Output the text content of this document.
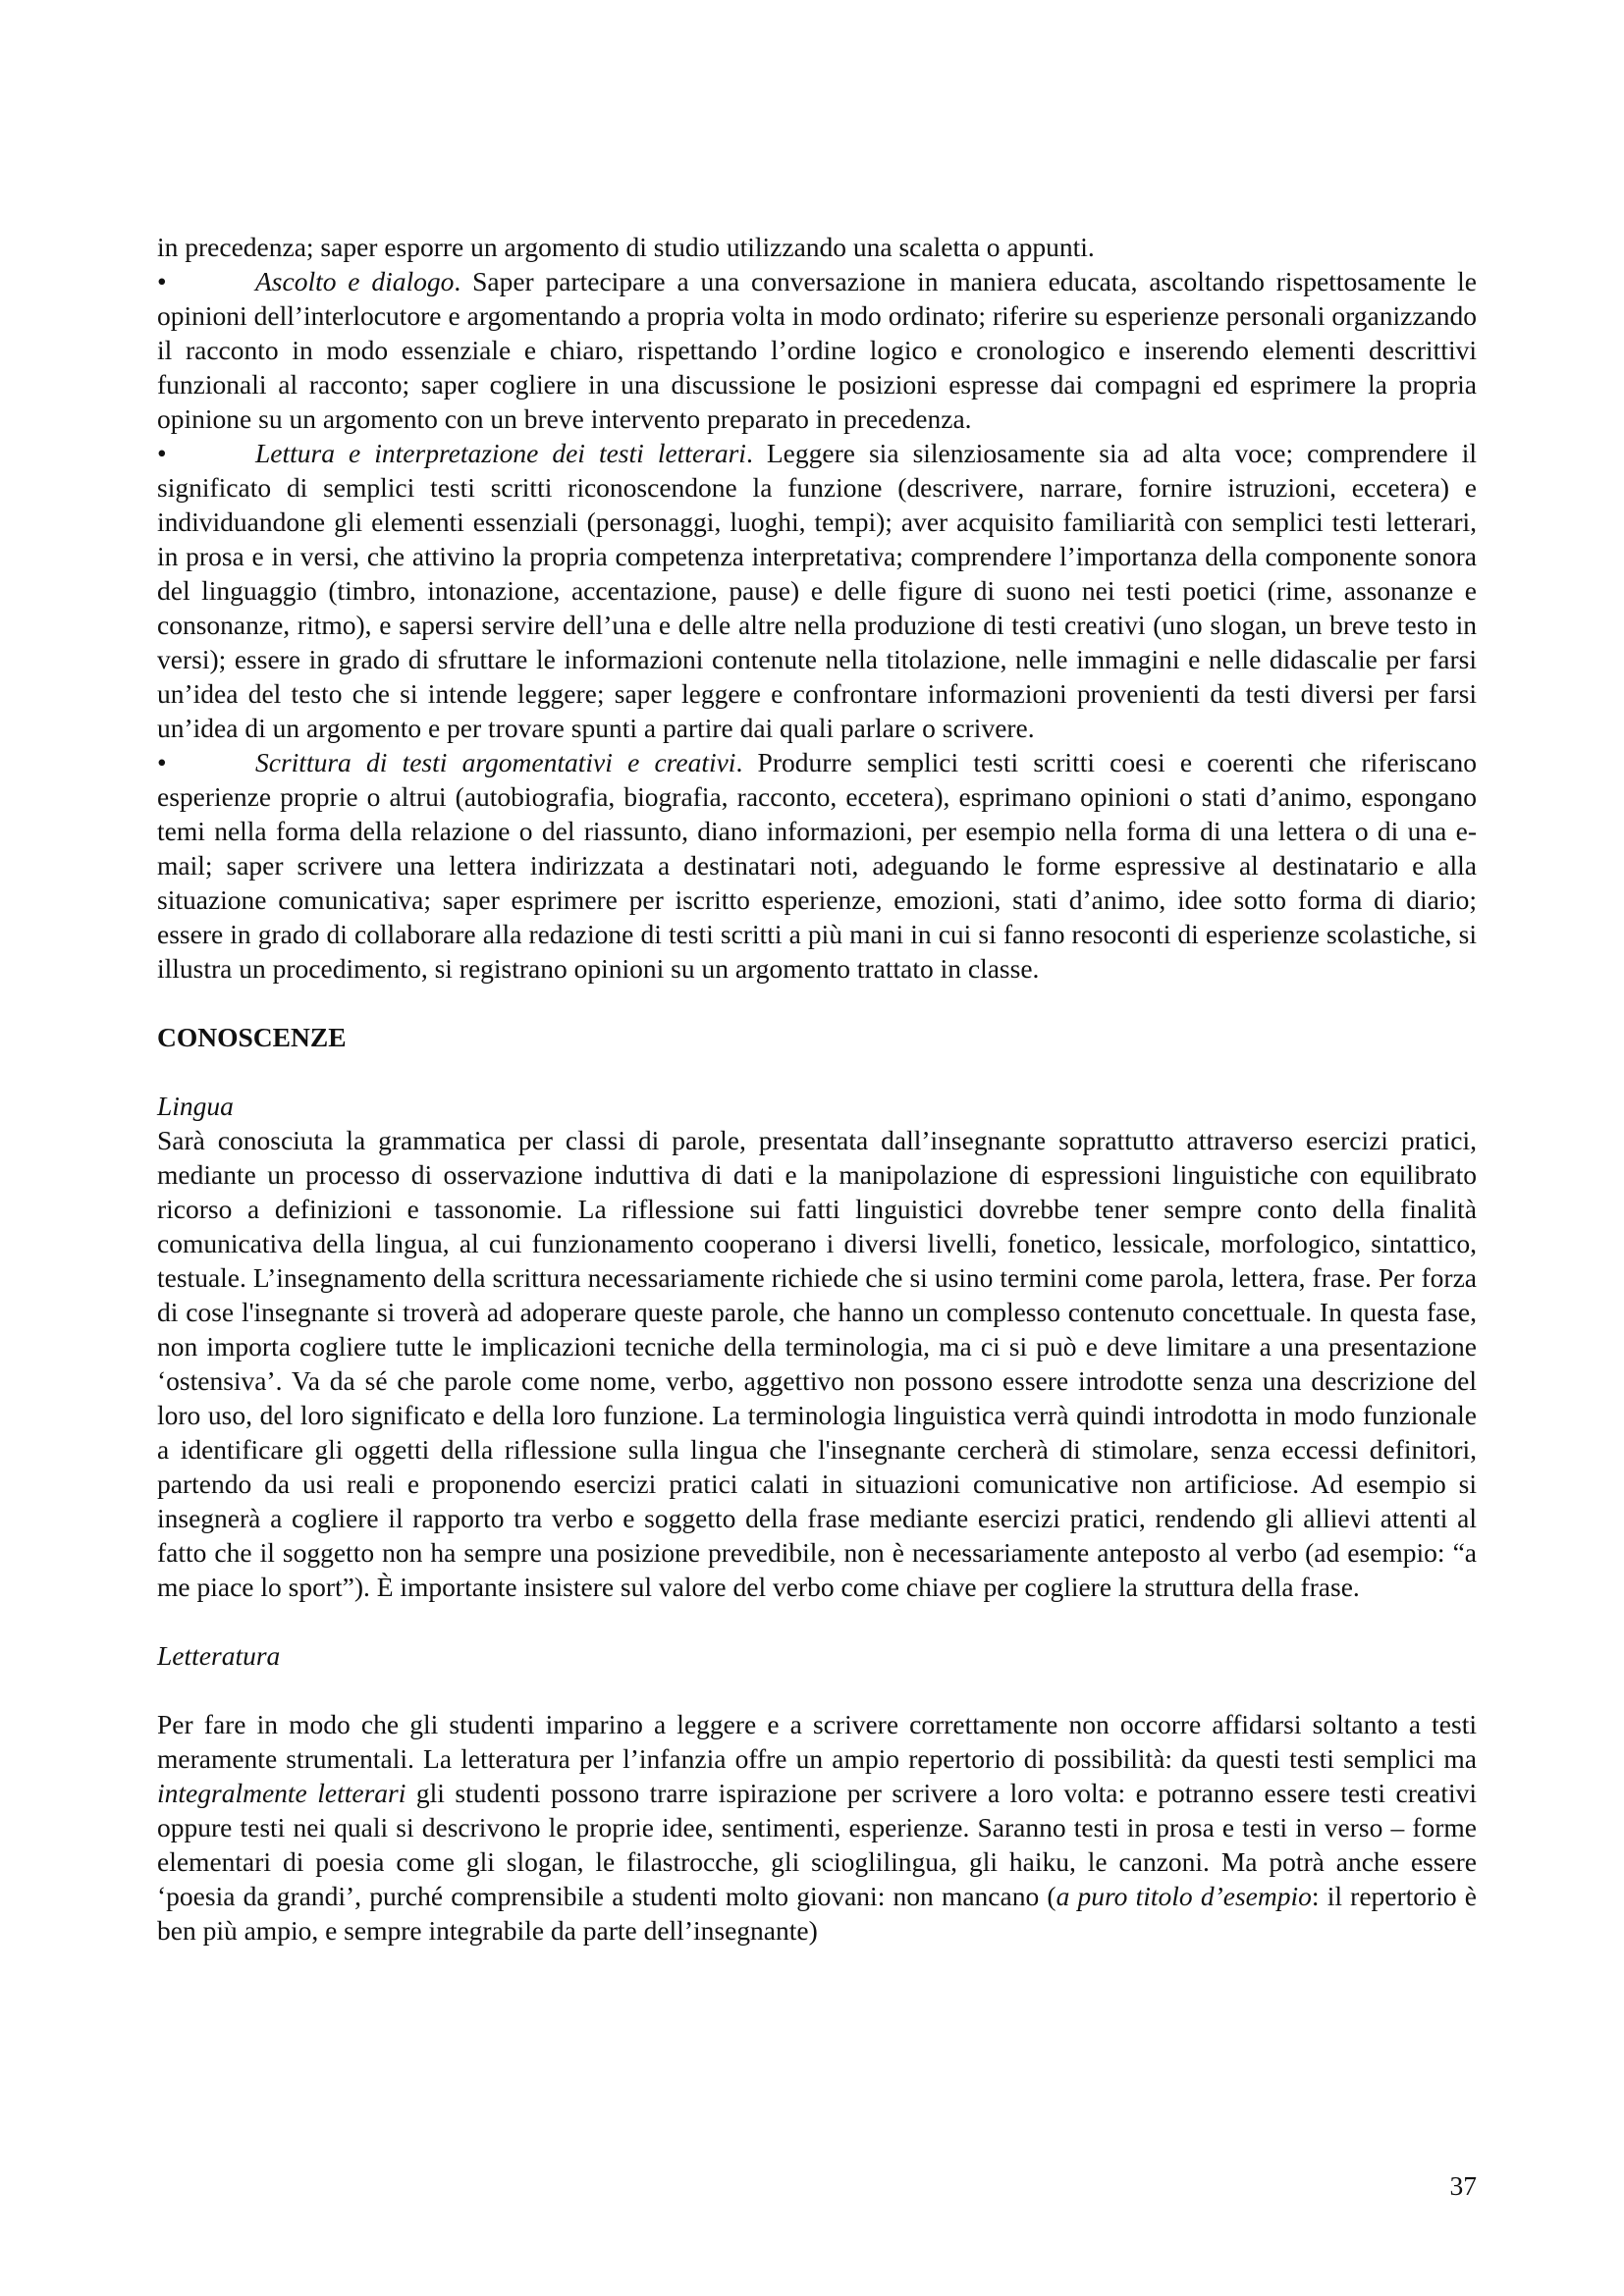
in precedenza; saper esporre un argomento di studio utilizzando una scaletta o appunti.

•	Ascolto e dialogo. Saper partecipare a una conversazione in maniera educata, ascoltando rispettosamente le opinioni dell’interlocutore e argomentando a propria volta in modo ordinato; riferire su esperienze personali organizzando il racconto in modo essenziale e chiaro, rispettando l’ordine logico e cronologico e inserendo elementi descrittivi funzionali al racconto; saper cogliere in una discussione le posizioni espresse dai compagni ed esprimere la propria opinione su un argomento con un breve intervento preparato in precedenza.
•	Lettura e interpretazione dei testi letterari. Leggere sia silenziosamente sia ad alta voce; comprendere il significato di semplici testi scritti riconoscendone la funzione (descrivere, narrare, fornire istruzioni, eccetera) e individuandone gli elementi essenziali (personaggi, luoghi, tempi); aver acquisito familiarità con semplici testi letterari, in prosa e in versi, che attivino la propria competenza interpretativa; comprendere l’importanza della componente sonora del linguaggio (timbro, intonazione, accentazione, pause) e delle figure di suono nei testi poetici (rime, assonanze e consonanze, ritmo), e sapersi servire dell’una e delle altre nella produzione di testi creativi (uno slogan, un breve testo in versi); essere in grado di sfruttare le informazioni contenute nella titolazione, nelle immagini e nelle didascalie per farsi un’idea del testo che si intende leggere; saper leggere e confrontare informazioni provenienti da testi diversi per farsi un’idea di un argomento e per trovare spunti a partire dai quali parlare o scrivere.
•	Scrittura di testi argomentativi e creativi. Produrre semplici testi scritti coesi e coerenti che riferiscano esperienze proprie o altrui (autobiografia, biografia, racconto, eccetera), esprimano opinioni o stati d’animo, espongano temi nella forma della relazione o del riassunto, diano informazioni, per esempio nella forma di una lettera o di una e-mail; saper scrivere una lettera indirizzata a destinatari noti, adeguando le forme espressive al destinatario e alla situazione comunicativa; saper esprimere per iscritto esperienze, emozioni, stati d’animo, idee sotto forma di diario; essere in grado di collaborare alla redazione di testi scritti a più mani in cui si fanno resoconti di esperienze scolastiche, si illustra un procedimento, si registrano opinioni su un argomento trattato in classe.

CONOSCENZE

Lingua

Sarà conosciuta la grammatica per classi di parole, presentata dall’insegnante soprattutto attraverso esercizi pratici, mediante un processo di osservazione induttiva di dati e la manipolazione di espressioni linguistiche con equilibrato ricorso a definizioni e tassonomie. La riflessione sui fatti linguistici dovrebbe tener sempre conto della finalità comunicativa della lingua, al cui funzionamento cooperano i diversi livelli, fonetico, lessicale, morfologico, sintattico, testuale. L’insegnamento della scrittura necessariamente richiede che si usino termini come parola, lettera, frase. Per forza di cose l'insegnante si troverà ad adoperare queste parole, che hanno un complesso contenuto concettuale. In questa fase, non importa cogliere tutte le implicazioni tecniche della terminologia, ma ci si può e deve limitare a una presentazione ‘ostensiva’. Va da sé che parole come nome, verbo, aggettivo non possono essere introdotte senza una descrizione del loro uso, del loro significato e della loro funzione. La terminologia linguistica verrà quindi introdotta in modo funzionale a identificare gli oggetti della riflessione sulla lingua che l'insegnante cercherà di stimolare, senza eccessi definitori, partendo da usi reali e proponendo esercizi pratici calati in situazioni comunicative non artificiose. Ad esempio si insegnerà a cogliere il rapporto tra verbo e soggetto della frase mediante esercizi pratici, rendendo gli allievi attenti al fatto che il soggetto non ha sempre una posizione prevedibile, non è necessariamente anteposto al verbo (ad esempio: “a me piace lo sport”). È importante insistere sul valore del verbo come chiave per cogliere la struttura della frase.

Letteratura

Per fare in modo che gli studenti imparino a leggere e a scrivere correttamente non occorre affidarsi soltanto a testi meramente strumentali. La letteratura per l’infanzia offre un ampio repertorio di possibilità: da questi testi semplici ma integralmente letterari gli studenti possono trarre ispirazione per scrivere a loro volta: e potranno essere testi creativi oppure testi nei quali si descrivono le proprie idee, sentimenti, esperienze. Saranno testi in prosa e testi in verso – forme elementari di poesia come gli slogan, le filastrocche, gli scioglilingua, gli haiku, le canzoni. Ma potrà anche essere ‘poesia da grandi’, purché comprensibile a studenti molto giovani: non mancano (a puro titolo d’esempio: il repertorio è ben più ampio, e sempre integrabile da parte dell’insegnante)

37
